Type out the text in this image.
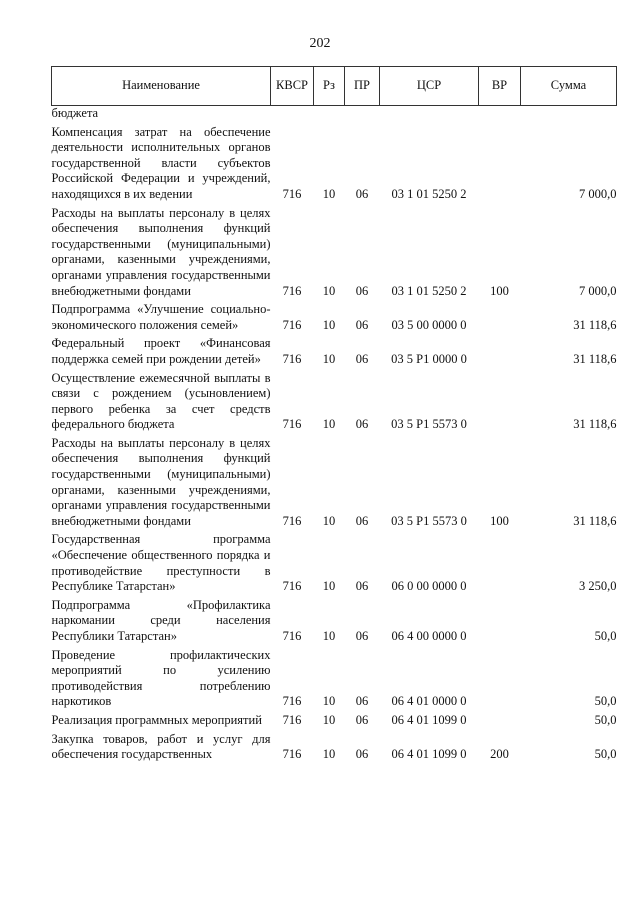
202
Наименование	КВСР	Рз	ПР	ЦСР	ВР	Сумма
бюджета						
Компенсация затрат на обеспечение деятельности исполнительных органов государственной власти субъектов Российской Федерации и учреждений, находящихся в их ведении	716	10	06	03 1 01 5250 2		7 000,0
Расходы на выплаты персоналу в целях обеспечения выполнения функций государственными (муниципальными) органами, казенными учреждениями, органами управления государственными внебюджетными фондами	716	10	06	03 1 01 5250 2	100	7 000,0
Подпрограмма «Улучшение социально-экономического положения семей»	716	10	06	03 5 00 0000 0		31 118,6
Федеральный проект «Финансовая поддержка семей при рождении детей»	716	10	06	03 5 P1 0000 0		31 118,6
Осуществление ежемесячной выплаты в связи с рождением (усыновлением) первого ребенка за счет средств федерального бюджета	716	10	06	03 5 P1 5573 0		31 118,6
Расходы на выплаты персоналу в целях обеспечения выполнения функций государственными (муниципальными) органами, казенными учреждениями, органами управления государственными внебюджетными фондами	716	10	06	03 5 P1 5573 0	100	31 118,6
Государственная программа «Обеспечение общественного порядка и противодействие преступности в Республике Татарстан»	716	10	06	06 0 00 0000 0		3 250,0
Подпрограмма «Профилактика наркомании среди населения Республики Татарстан»	716	10	06	06 4 00 0000 0		50,0
Проведение профилактических мероприятий по усилению противодействия потреблению наркотиков	716	10	06	06 4 01 0000 0		50,0
Реализация программных мероприятий	716	10	06	06 4 01 1099 0		50,0
Закупка товаров, работ и услуг для обеспечения государственных	716	10	06	06 4 01 1099 0	200	50,0
